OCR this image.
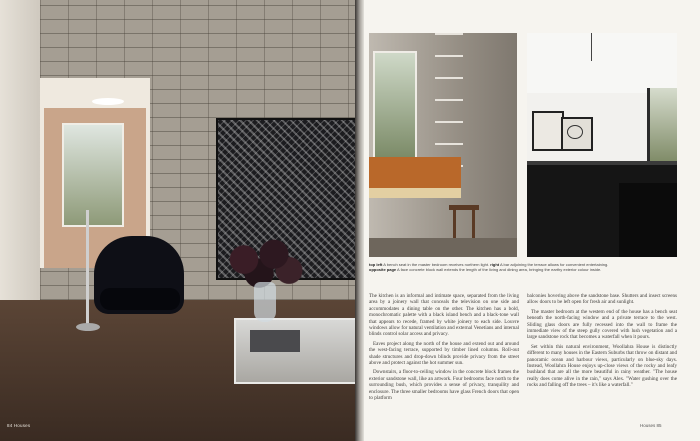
84 Houses
top left A bench seat in the master bedroom receives northern light. right A bar adjoining the terrace allows for convenient entertaining.
opposite page A face concrete block wall extends the length of the living and dining area, bringing the earthy exterior colour inside.

The kitchen is an informal and intimate space, separated from the living area by a joinery wall that conceals the television on one side and accommodates a dining table on the other. The kitchen has a bold, monochromatic palette with a black island bench and a black-tone wall that appears to recede, framed by white joinery to each side. Louvre windows allow for natural ventilation and external Venetians and internal blinds control solar access and privacy.

Eaves project along the north of the house and extend out and around the west-facing terrace, supported by timber lined columns. Roll-out shade structures and drop-down blinds provide privacy from the street above and protect against the hot summer sun.

Downstairs, a floor-to-ceiling window in the concrete block frames the exterior sandstone wall, like an artwork. Four bedrooms face north to the surrounding bush, which provides a sense of privacy, tranquility and enclosure. The three smaller bedrooms have glass French doors that open to platform

balconies hovering above the sandstone base. Shutters and insect screens allow doors to be left open for fresh air and sunlight.

The master bedroom at the western end of the house has a bench seat beneath the north-facing window and a private terrace to the west. Sliding glass doors are fully recessed into the wall to frame the immediate view of the steep gully covered with lush vegetation and a large sandstone rock that becomes a waterfall when it pours.

Set within this natural environment, Woollahra House is distinctly different to many houses in the Eastern Suburbs that throw on distant and panoramic ocean and harbour views, particularly on blue-sky days. Instead, Woollahra House enjoys up-close views of the rocky and leafy bushland that are all the more beautiful in rainy weather. "The house really does come alive in the rain," says Alex. "Water gushing over the rocks and falling off the trees – it's like a waterfall."

Houses 85
